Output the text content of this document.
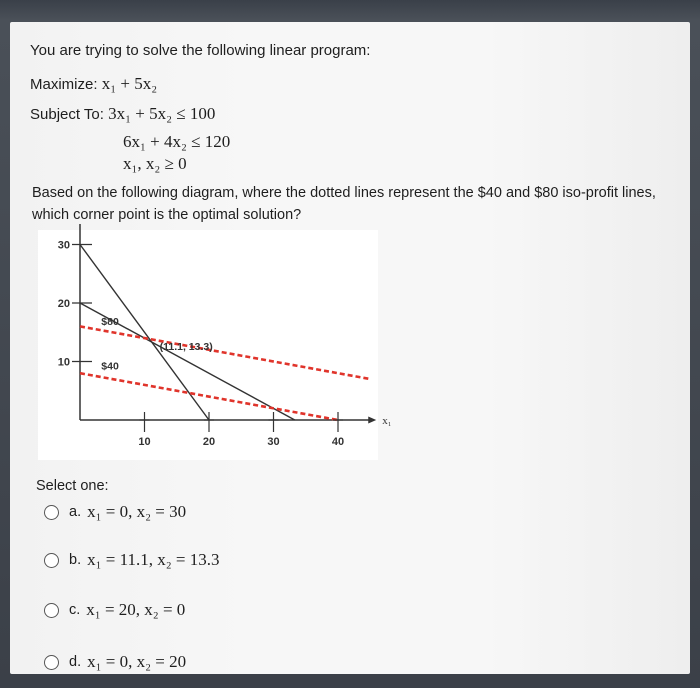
You are trying to solve the following linear program:
Maximize: x₁ + 5x₂
Subject To: 3x₁ + 5x₂ ≤ 100
6x₁ + 4x₂ ≤ 120
x₁, x₂ ≥ 0
Based on the following diagram, where the dotted lines represent the $40 and $80 iso-profit lines, which corner point is the optimal solution?
10	20	30	40
30
20
10
x₁
$80
$40
(11.1, 13.3)
Select one:
a. x₁ = 0, x₂ = 30
b. x₁ = 11.1, x₂ = 13.3
c. x₁ = 20, x₂ = 0
d. x₁ = 0, x₂ = 20
